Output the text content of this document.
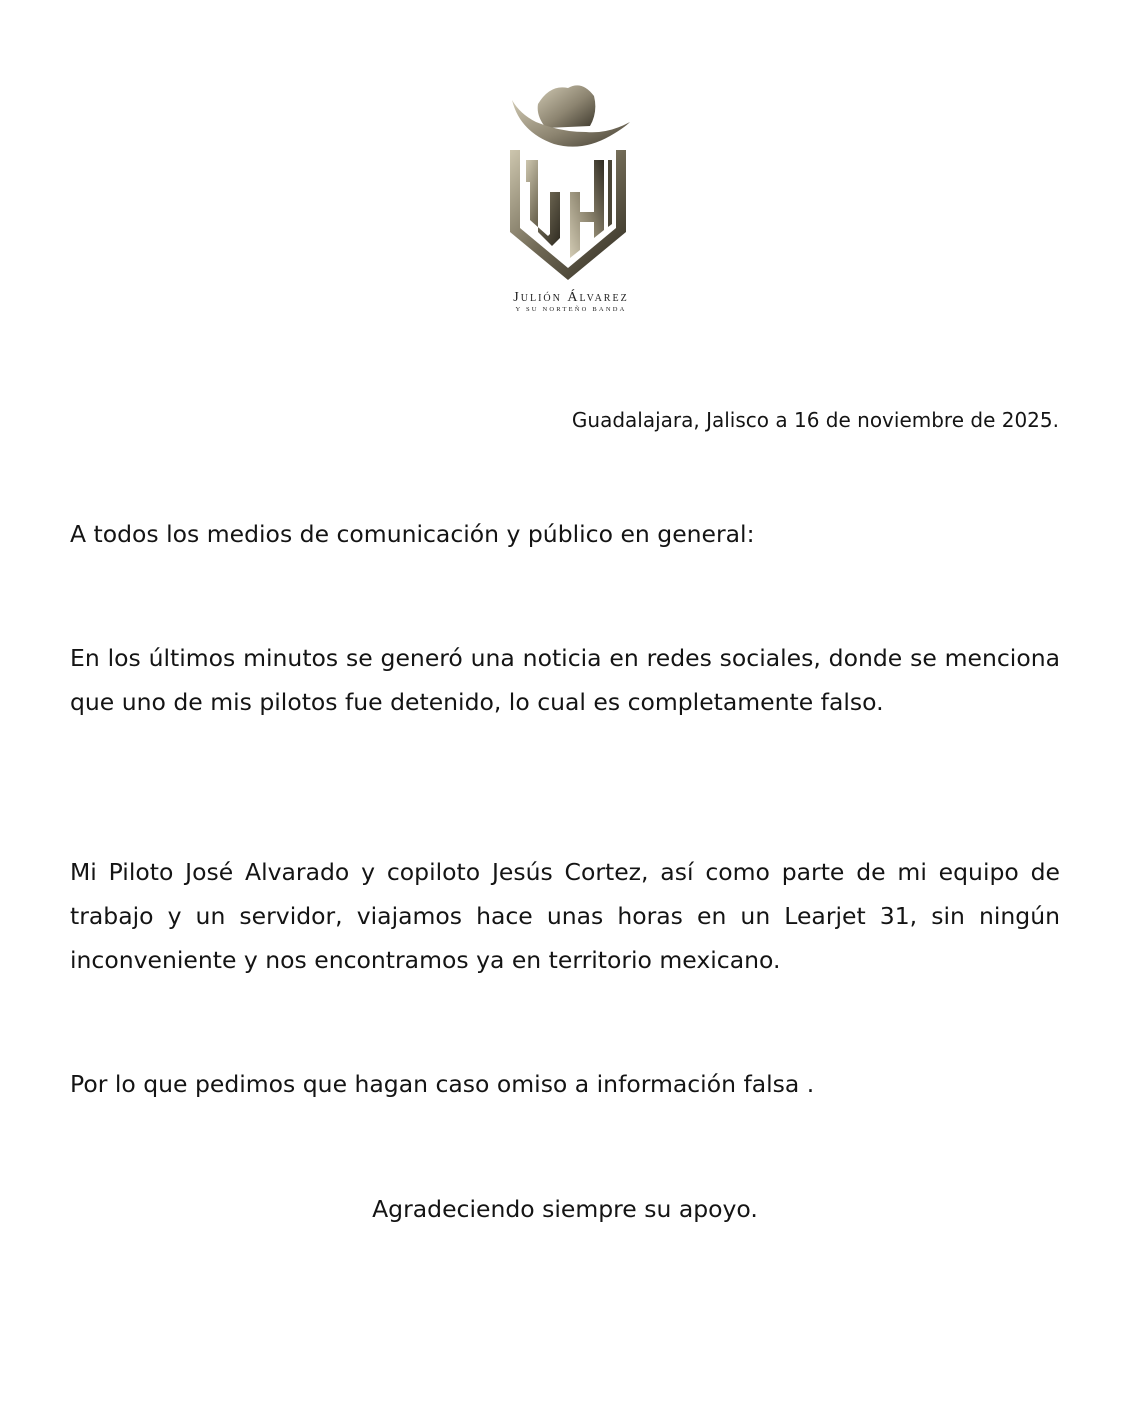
Julión Álvarez
Y SU NORTEÑO BANDA
Guadalajara, Jalisco a 16 de noviembre de 2025.

A todos los medios de comunicación y público en general:

En los últimos minutos se generó una noticia en redes sociales, donde se menciona que uno de mis pilotos fue detenido, lo cual es completamente falso.

Mi Piloto José Alvarado y copiloto Jesús Cortez, así como parte de mi equipo de trabajo y un servidor, viajamos hace unas horas en un Learjet 31, sin ningún inconveniente y nos encontramos ya en territorio mexicano.

Por lo que pedimos que hagan caso omiso a información falsa .

Agradeciendo siempre su apoyo.
